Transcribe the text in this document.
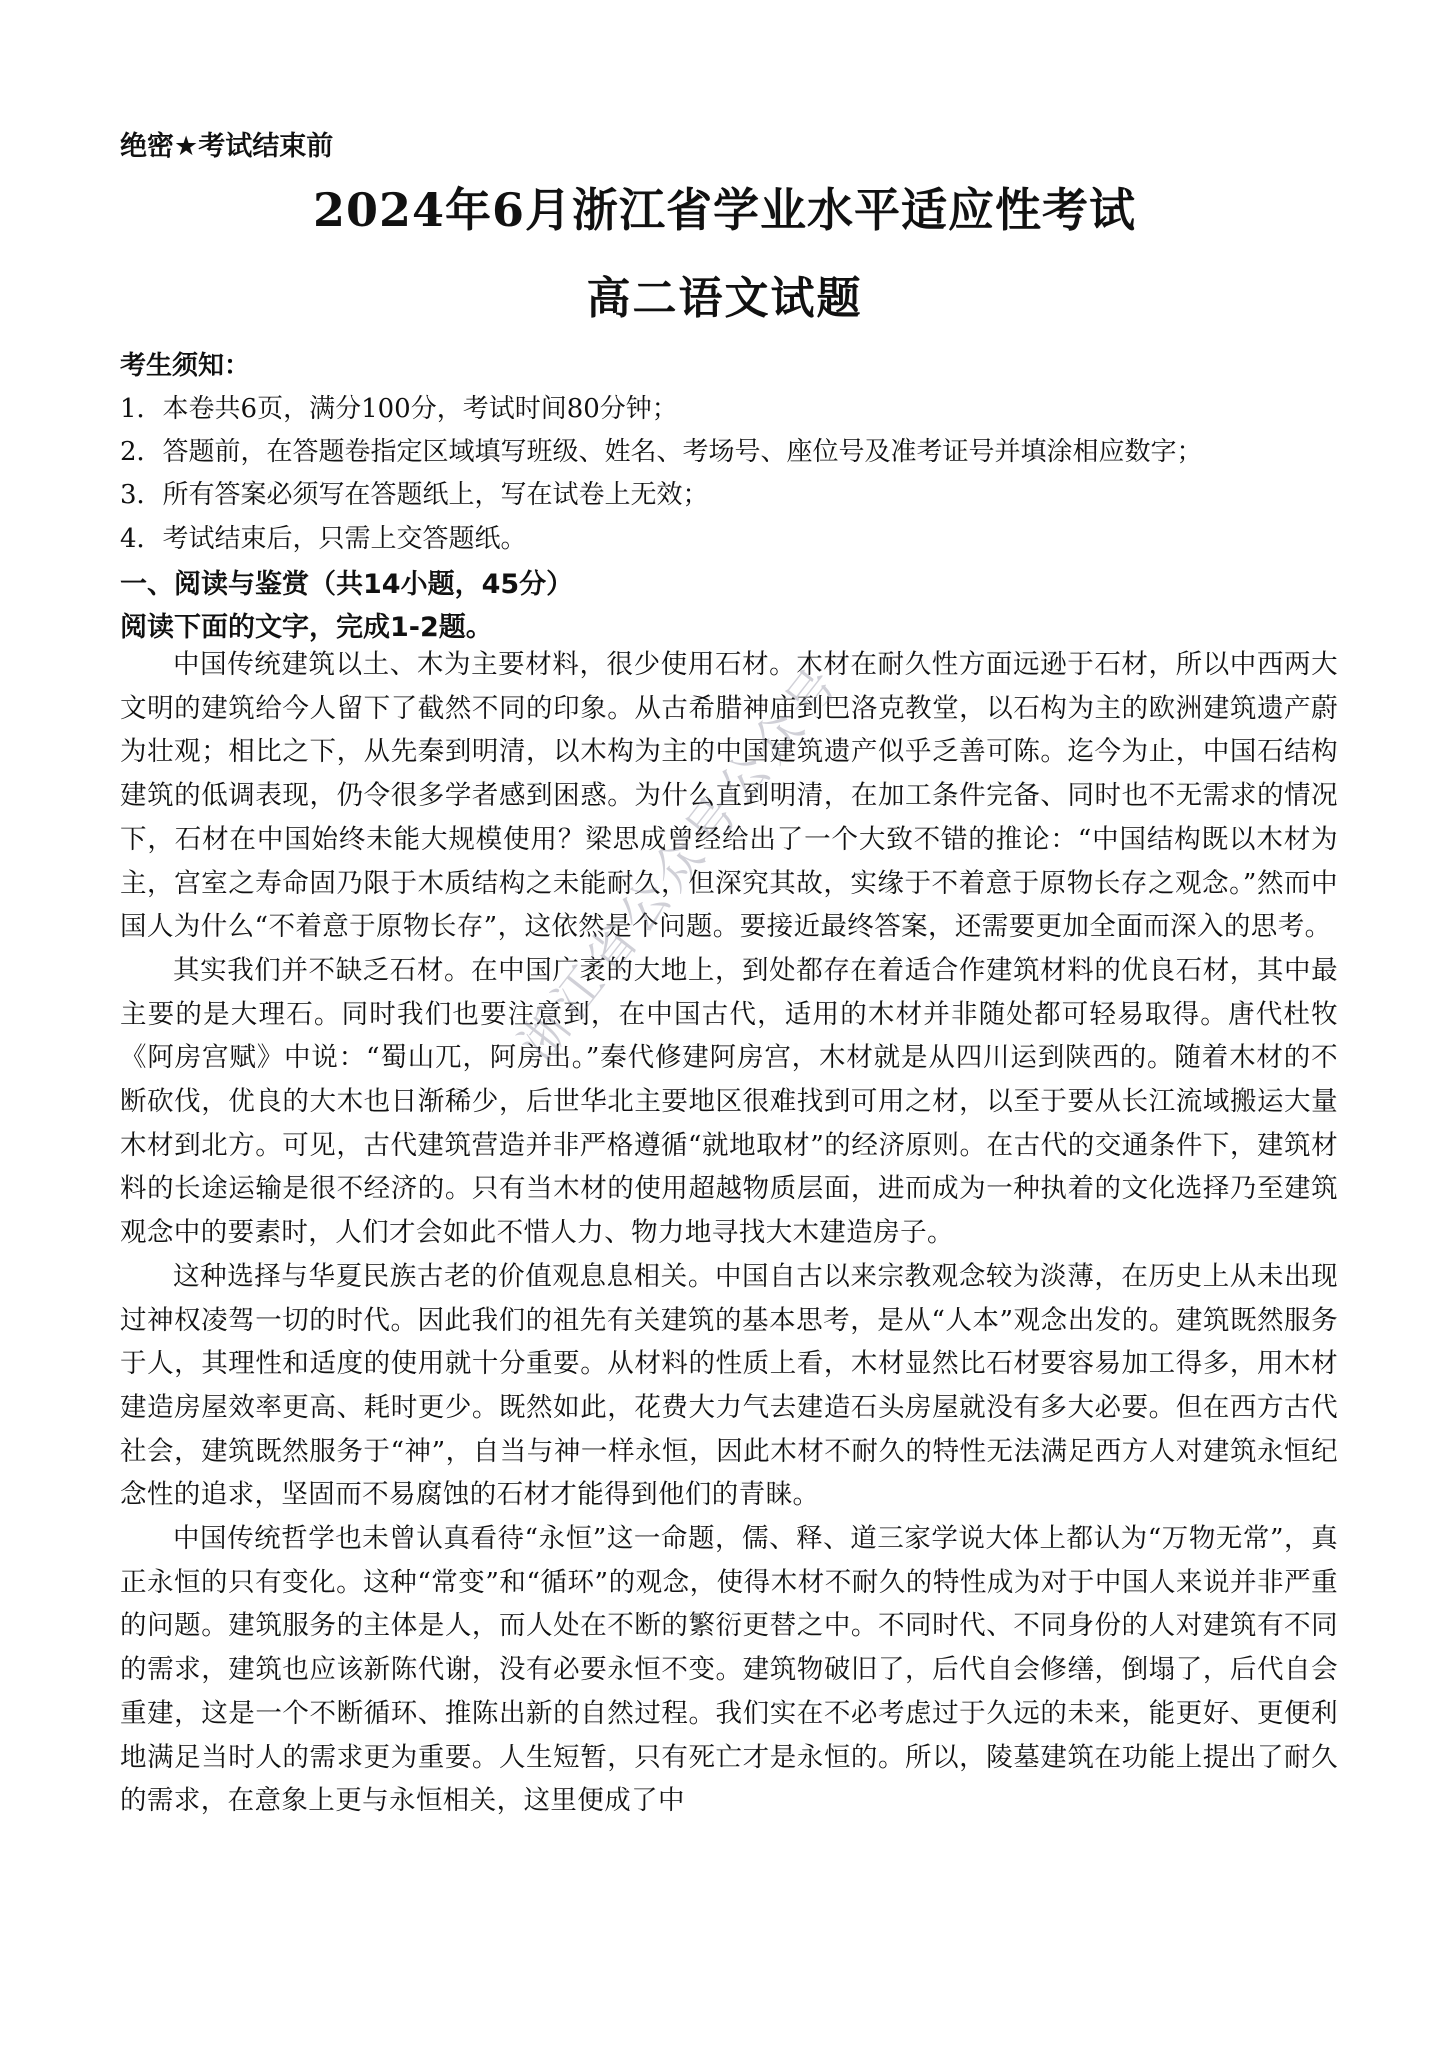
绝密★考试结束前
2024年6月浙江省学业水平适应性考试
高二语文试题
考生须知：
1．本卷共6页，满分100分，考试时间80分钟；
2．答题前，在答题卷指定区域填写班级、姓名、考场号、座位号及准考证号并填涂相应数字；
3．所有答案必须写在答题纸上，写在试卷上无效；
4．考试结束后，只需上交答题纸。
一、阅读与鉴赏（共14小题，45分）
阅读下面的文字，完成1-2题。

中国传统建筑以土、木为主要材料，很少使用石材。木材在耐久性方面远逊于石材，所以中西两大文明的建筑给今人留下了截然不同的印象。从古希腊神庙到巴洛克教堂，以石构为主的欧洲建筑遗产蔚为壮观；相比之下，从先秦到明清，以木构为主的中国建筑遗产似乎乏善可陈。迄今为止，中国石结构建筑的低调表现，仍令很多学者感到困惑。为什么直到明清，在加工条件完备、同时也不无需求的情况下，石材在中国始终未能大规模使用？梁思成曾经给出了一个大致不错的推论：“中国结构既以木材为主，宫室之寿命固乃限于木质结构之未能耐久，但深究其故，实缘于不着意于原物长存之观念。”然而中国人为什么“不着意于原物长存”，这依然是个问题。要接近最终答案，还需要更加全面而深入的思考。

其实我们并不缺乏石材。在中国广袤的大地上，到处都存在着适合作建筑材料的优良石材，其中最主要的是大理石。同时我们也要注意到，在中国古代，适用的木材并非随处都可轻易取得。唐代杜牧《阿房宫赋》中说：“蜀山兀，阿房出。”秦代修建阿房宫，木材就是从四川运到陕西的。随着木材的不断砍伐，优良的大木也日渐稀少，后世华北主要地区很难找到可用之材，以至于要从长江流域搬运大量木材到北方。可见，古代建筑营造并非严格遵循“就地取材”的经济原则。在古代的交通条件下，建筑材料的长途运输是很不经济的。只有当木材的使用超越物质层面，进而成为一种执着的文化选择乃至建筑观念中的要素时，人们才会如此不惜人力、物力地寻找大木建造房子。

这种选择与华夏民族古老的价值观息息相关。中国自古以来宗教观念较为淡薄，在历史上从未出现过神权凌驾一切的时代。因此我们的祖先有关建筑的基本思考，是从“人本”观念出发的。建筑既然服务于人，其理性和适度的使用就十分重要。从材料的性质上看，木材显然比石材要容易加工得多，用木材建造房屋效率更高、耗时更少。既然如此，花费大力气去建造石头房屋就没有多大必要。但在西方古代社会，建筑既然服务于“神”，自当与神一样永恒，因此木材不耐久的特性无法满足西方人对建筑永恒纪念性的追求，坚固而不易腐蚀的石材才能得到他们的青睐。

中国传统哲学也未曾认真看待“永恒”这一命题，儒、释、道三家学说大体上都认为“万物无常”，真正永恒的只有变化。这种“常变”和“循环”的观念，使得木材不耐久的特性成为对于中国人来说并非严重的问题。建筑服务的主体是人，而人处在不断的繁衍更替之中。不同时代、不同身份的人对建筑有不同的需求，建筑也应该新陈代谢，没有必要永恒不变。建筑物破旧了，后代自会修缮，倒塌了，后代自会重建，这是一个不断循环、推陈出新的自然过程。我们实在不必考虑过于久远的未来，能更好、更便利地满足当时人的需求更为重要。人生短暂，只有死亡才是永恒的。所以，陵墓建筑在功能上提出了耐久的需求，在意象上更与永恒相关，这里便成了中

浙江省公众号公众号
